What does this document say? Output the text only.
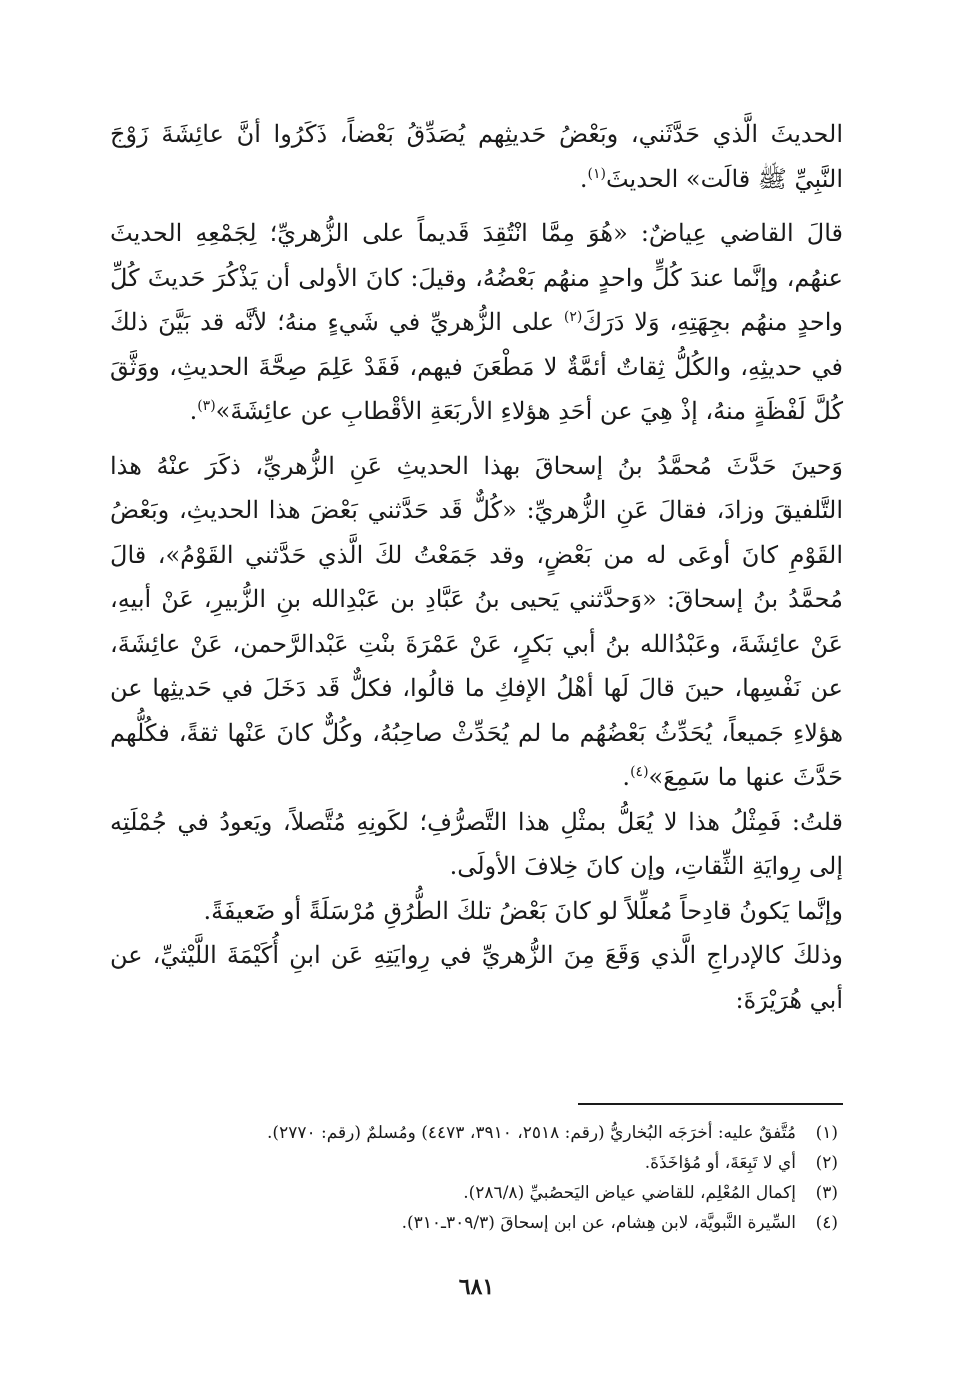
الحديثَ الَّذي حَدَّثَني، وبَعْضُ حَديثِهم يُصَدِّقُ بَعْضاً، ذَكَرُوا أنَّ عائِشَةَ زَوْجَ النَّبِيِّ ﷺ قالَت» الحديثَ$^{(١)}$.

قالَ القاضي عِياضٌ: «هُوَ مِمَّا انْتُقِدَ قَديماً على الزُّهريِّ؛ لِجَمْعِهِ الحديثَ عنهُم، وإنَّما عندَ كُلٍّ واحدٍ منهُم بَعْضُهُ، وقيلَ: كانَ الأولى أن يَذْكُرَ حَديثَ كُلِّ واحدٍ منهُم بجِهَتِهِ، وَلا دَرَكَ$^{(٢)}$ على الزُّهريِّ في شَيءٍ منهُ؛ لأنَّه قد بَيَّنَ ذلكَ في حديثِهِ، والكُلُّ ثِقاتٌ أئمَّةٌ لا مَطْعَنَ فيهم، فَقَدْ عَلِمَ صِحَّةَ الحديثِ، ووَثَّقَ كُلَّ لَفْظَةٍ منهُ، إذْ هِيَ عن أحَدِ هؤلاءِ الأربَعَةِ الأقْطابِ عن عائِشَةَ»$^{(٣)}$.

وَحينَ حَدَّثَ مُحمَّدُ بنُ إسحاقَ بهذا الحديثِ عَنِ الزُّهريِّ، ذكَرَ عنْهُ هذا التَّلفيقَ وزادَ، فقالَ عَنِ الزُّهريِّ: «كُلٌّ قَد حَدَّثني بَعْضَ هذا الحديثِ، وبَعْضُ القَوْمِ كانَ أوعَى له من بَعْضٍ، وقد جَمَعْتُ لكَ الَّذي حَدَّثني القَوْمُ»، قالَ مُحمَّدُ بنُ إسحاقَ: «وَحدَّثني يَحيى بنُ عَبَّادِ بن عَبْدِالله بنِ الزُّبيرِ، عَنْ أبيهِ، عَنْ عائِشَةَ، وعَبْدُالله بنُ أبي بَكرٍ، عَنْ عَمْرَةَ بنْتِ عَبْدالرَّحمن، عَنْ عائِشَةَ، عن نَفْسِها، حينَ قالَ لَها أهْلُ الإفكِ ما قالُوا، فكلٌّ قَد دَخَلَ في حَديثِها عن هؤلاءِ جَميعاً، يُحَدِّثُ بَعْضُهُم ما لم يُحَدِّثْ صاحِبُهُ، وكُلٌّ كانَ عَنْها ثقةً، فكُلُّهم حَدَّثَ عنها ما سَمِعَ»$^{(٤)}$.

قلتُ: فَمِثْلُ هذا لا يُعَلُّ بمثْلِ هذا التَّصرُّفِ؛ لكَونِهِ مُتَّصلاً، ويَعودُ في جُمْلَتِه إلى رِوايَةِ الثِّقاتِ، وإن كانَ خِلافَ الأولَى.

وإنَّما يَكونُ قادِحاً مُعلِّلاً لو كانَ بَعْضُ تلكَ الطُّرُقِ مُرْسَلَةً أو ضَعيفَةً.

وذلكَ كالإدراجِ الَّذي وَقَعَ مِنَ الزُّهريِّ في رِوايَتِهِ عَن ابنِ أُكَيْمَةَ اللَّيْثيِّ، عن أبي هُرَيْرَةَ:

(١)مُتَّفقٌ عليه: أخرَجَه البُخاريُّ (رقم: ٢٥١٨، ٣٩١٠، ٤٤٧٣) ومُسلمٌ (رقم: ٢٧٧٠).

(٢)أي لا تَبِعَةَ، أو مُؤاخَذَةَ.

(٣)إكمال المُعْلِم، للقاضي عياض اليَحصُبيِّ (٢٨٦/٨).

(٤)السِّيرة النَّبويَّة، لابن هِشام، عن ابن إسحاقَ (٣٠٩/٣ـ٣١٠).

٦٨١
